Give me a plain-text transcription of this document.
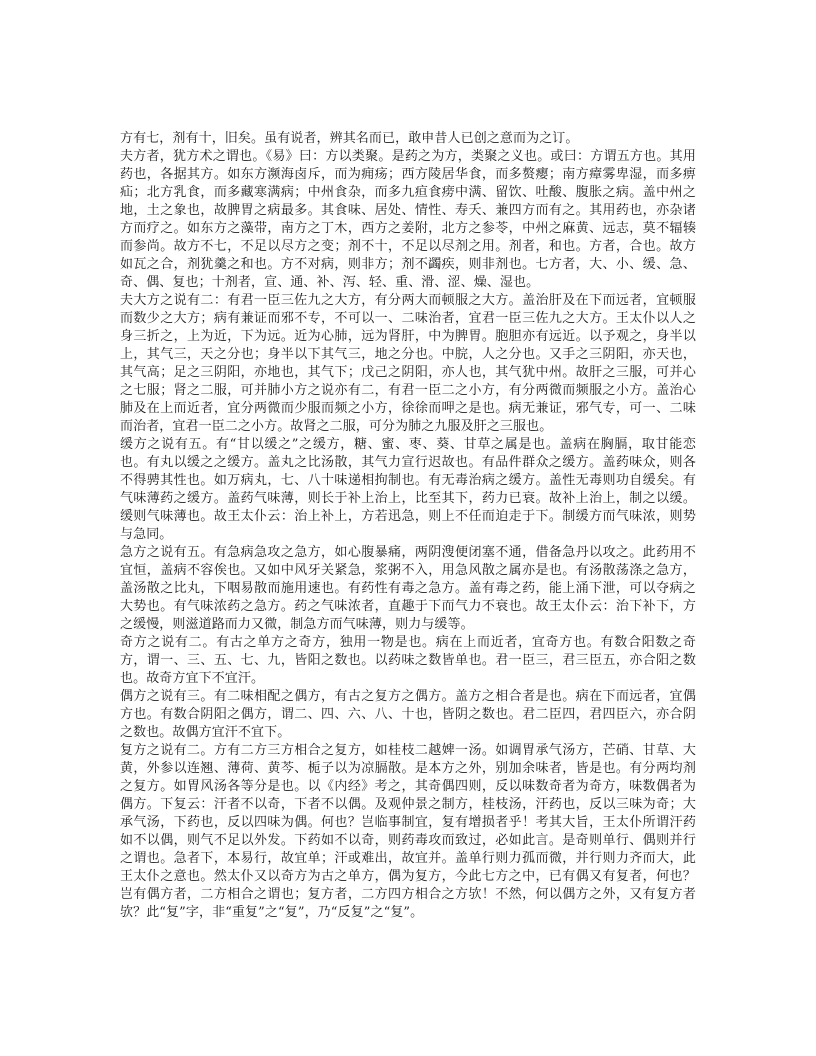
方有七，剂有十，旧矣。虽有说者，辨其名而已，敢申昔人已创之意而为之订。

夫方者，犹方术之谓也。《易》曰：方以类聚。是药之为方，类聚之义也。或曰：方谓五方也。其用药也，各据其方。如东方濒海卤斥，而为痈疡；西方陵居华食，而多赘瘿；南方瘴雾卑湿，而多痹疝；北方乳食，而多藏寒满病；中州食杂，而多九疸食痨中满、留饮、吐酸、腹胀之病。盖中州之地，土之象也，故脾胃之病最多。其食味、居处、情性、寿夭、兼四方而有之。其用药也，亦杂诸方而疗之。如东方之藻带，南方之丁木，西方之姜附，北方之参苓，中州之麻黄、远志，莫不辐辏而参尚。故方不七，不足以尽方之变；剂不十，不足以尽剂之用。剂者，和也。方者，合也。故方如瓦之合，剂犹羹之和也。方不对病，则非方；剂不蠲疾，则非剂也。七方者，大、小、缓、急、奇、偶、复也；十剂者，宣、通、补、泻、轻、重、滑、涩、燥、湿也。

夫大方之说有二：有君一臣三佐九之大方，有分两大而顿服之大方。盖治肝及在下而远者，宜顿服而数少之大方；病有兼证而邪不专，不可以一、二味治者，宜君一臣三佐九之大方。王太仆以人之身三折之，上为近，下为远。近为心肺，远为肾肝，中为脾胃。胞胆亦有远近。以予观之，身半以上，其气三，天之分也；身半以下其气三，地之分也。中脘，人之分也。又手之三阴阳，亦天也，其气高；足之三阴阳，亦地也，其气下；戊己之阴阳，亦人也，其气犹中州。故肝之三服，可并心之七服；肾之二服，可并肺小方之说亦有二，有君一臣二之小方，有分两微而频服之小方。盖治心肺及在上而近者，宜分两微而少服而频之小方，徐徐而呷之是也。病无兼证，邪气专，可一、二味而治者，宜君一臣二之小方。故肾之二服，可分为肺之九服及肝之三服也。

缓方之说有五。有“甘以缓之”之缓方，糖、蜜、枣、葵、甘草之属是也。盖病在胸膈，取甘能恋也。有丸以缓之之缓方。盖丸之比汤散，其气力宣行迟故也。有品件群众之缓方。盖药味众，则各不得骋其性也。如万病丸，七、八十味递相拘制也。有无毒治病之缓方。盖性无毒则功自缓矣。有气味薄药之缓方。盖药气味薄，则长于补上治上，比至其下，药力已衰。故补上治上，制之以缓。缓则气味薄也。故王太仆云：治上补上，方若迅急，则上不任而迫走于下。制缓方而气味浓，则势与急同。

急方之说有五。有急病急攻之急方，如心腹暴痛，两阴溲便闭塞不通，借备急丹以攻之。此药用不宜恒，盖病不容俟也。又如中风牙关紧急，浆粥不入，用急风散之属亦是也。有汤散荡涤之急方，盖汤散之比丸，下咽易散而施用速也。有药性有毒之急方。盖有毒之药，能上涌下泄，可以夺病之大势也。有气味浓药之急方。药之气味浓者，直趣于下而气力不衰也。故王太仆云：治下补下，方之缓慢，则滋道路而力又微，制急方而气味薄，则力与缓等。

奇方之说有二。有古之单方之奇方，独用一物是也。病在上而近者，宜奇方也。有数合阳数之奇方，谓一、三、五、七、九，皆阳之数也。以药味之数皆单也。君一臣三，君三臣五，亦合阳之数也。故奇方宜下不宜汗。

偶方之说有三。有二味相配之偶方，有古之复方之偶方。盖方之相合者是也。病在下而远者，宜偶方也。有数合阴阳之偶方，谓二、四、六、八、十也，皆阴之数也。君二臣四，君四臣六，亦合阴之数也。故偶方宜汗不宜下。

复方之说有二。方有二方三方相合之复方，如桂枝二越婢一汤。如调胃承气汤方，芒硝、甘草、大黄，外参以连翘、薄荷、黄芩、栀子以为凉膈散。是本方之外，别加余味者，皆是也。有分两均剂之复方。如胃风汤各等分是也。以《内经》考之，其奇偶四则，反以味数奇者为奇方，味数偶者为偶方。下复云：汗者不以奇，下者不以偶。及观仲景之制方，桂枝汤，汗药也，反以三味为奇；大承气汤，下药也，反以四味为偶。何也？岂临事制宜，复有增损者乎！考其大旨，王太仆所谓汗药如不以偶，则气不足以外发。下药如不以奇，则药毒攻而致过，必如此言。是奇则单行、偶则并行之谓也。急者下，本易行，故宜单；汗或难出，故宜并。盖单行则力孤而微，并行则力齐而大，此王太仆之意也。然太仆又以奇方为古之单方，偶为复方，今此七方之中，已有偶又有复者，何也？岂有偶方者，二方相合之谓也；复方者，二方四方相合之方欤！不然，何以偶方之外，又有复方者欤？此“复”字，非“重复”之“复”，乃“反复”之“复”。
